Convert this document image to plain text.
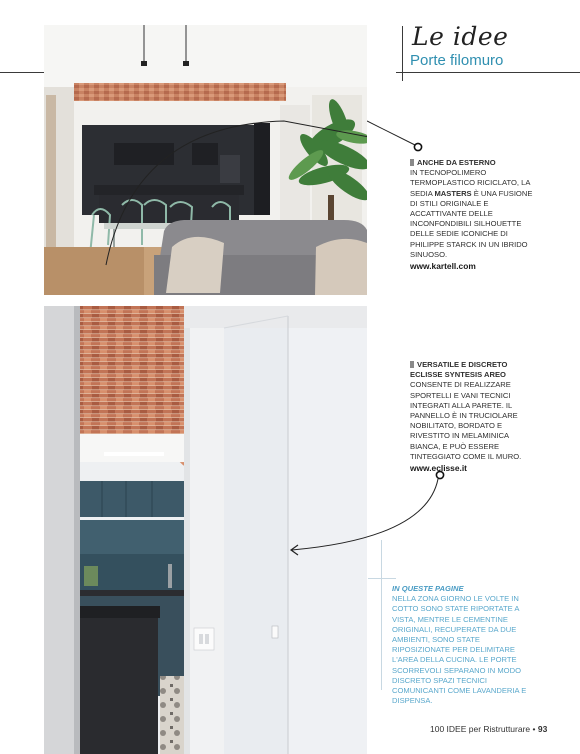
Le idee
Porte filomuro
ANCHE DA ESTERNO
IN TECNOPOLIMERO TERMOPLASTICO RICICLATO, LA SEDIA MASTERS È UNA FUSIONE DI STILI ORIGINALE E ACCATTIVANTE DELLE INCONFONDIBILI SILHOUETTE DELLE SEDIE ICONICHE DI PHILIPPE STARCK IN UN IBRIDO SINUOSO.
www.kartell.com
VERSATILE E DISCRETO
ECLISSE SYNTESIS AREO
CONSENTE DI REALIZZARE SPORTELLI E VANI TECNICI INTEGRATI ALLA PARETE. IL PANNELLO È IN TRUCIOLARE NOBILITATO, BORDATO E RIVESTITO IN MELAMINICA BIANCA, E PUÒ ESSERE TINTEGGIATO COME IL MURO.
www.eclisse.it
IN QUESTE PAGINE
NELLA ZONA GIORNO LE VOLTE IN COTTO SONO STATE RIPORTATE A VISTA, MENTRE LE CEMENTINE ORIGINALI, RECUPERATE DA DUE AMBIENTI, SONO STATE RIPOSIZIONATE PER DELIMITARE L'AREA DELLA CUCINA. LE PORTE SCORREVOLI SEPARANO IN MODO DISCRETO SPAZI TECNICI COMUNICANTI COME LAVANDERIA E DISPENSA.
100 IDEE per Ristrutturare • 93
